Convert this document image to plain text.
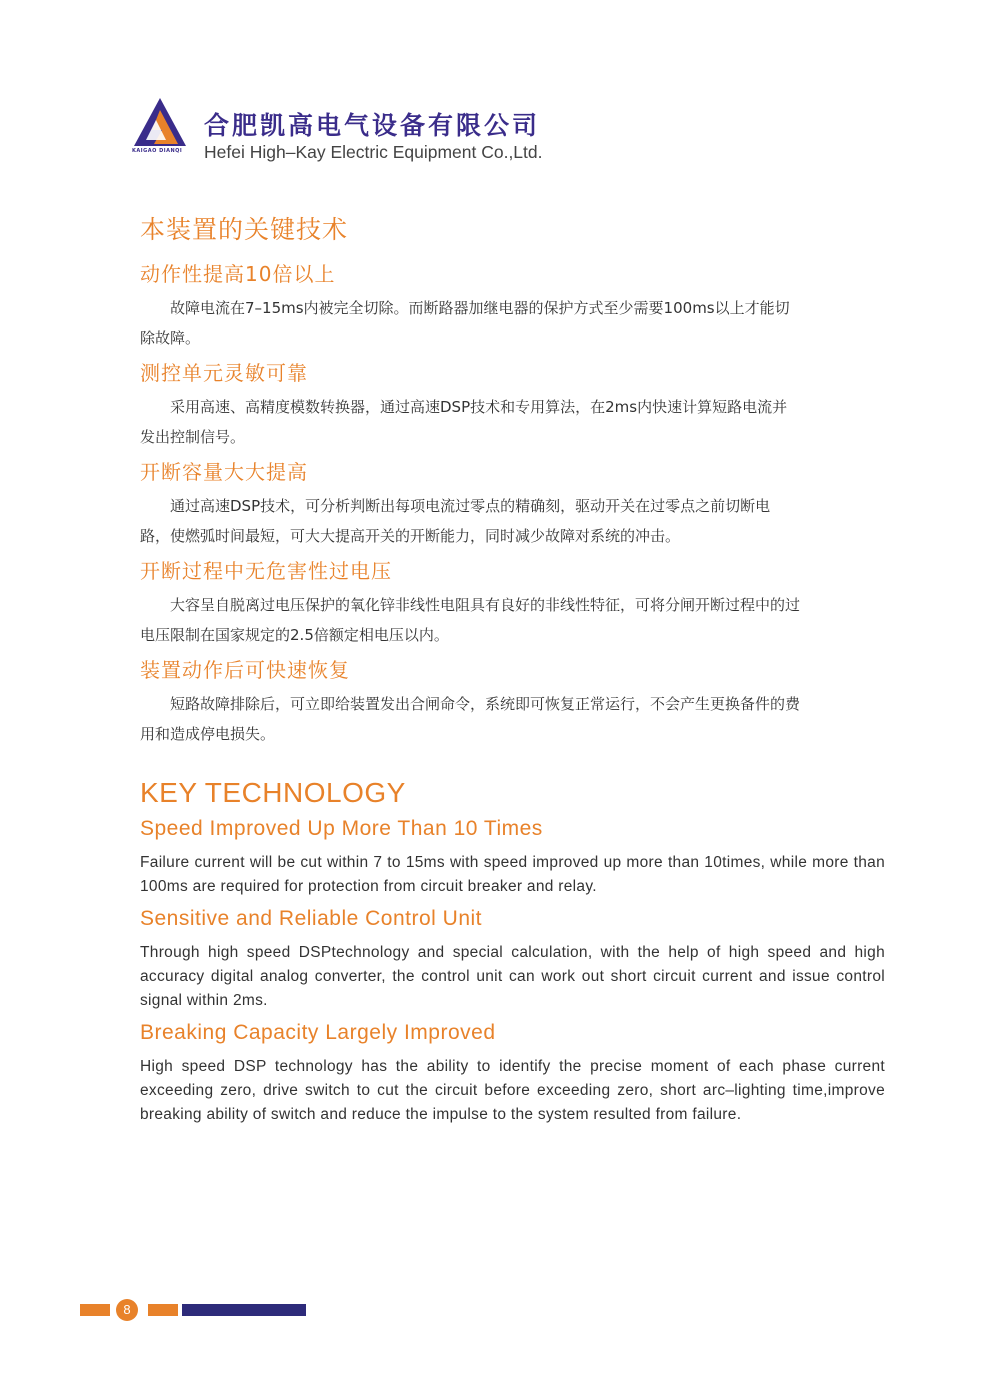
KAIGAO DIANQI
合肥凯高电气设备有限公司
Hefei High–Kay Electric Equipment Co.,Ltd.
本装置的关键技术
动作性提高10倍以上

故障电流在7–15ms内被完全切除。而断路器加继电器的保护方式至少需要100ms以上才能切除故障。

测控单元灵敏可靠

采用高速、高精度模数转换器，通过高速DSP技术和专用算法，在2ms内快速计算短路电流并发出控制信号。

开断容量大大提高

通过高速DSP技术，可分析判断出每项电流过零点的精确刻，驱动开关在过零点之前切断电路，使燃弧时间最短，可大大提高开关的开断能力，同时减少故障对系统的冲击。

开断过程中无危害性过电压

大容呈自脱离过电压保护的氧化锌非线性电阻具有良好的非线性特征，可将分闸开断过程中的过电压限制在国家规定的2.5倍额定相电压以内。

装置动作后可快速恢复

短路故障排除后，可立即给装置发出合闸命令，系统即可恢复正常运行，不会产生更换备件的费用和造成停电损失。

KEY TECHNOLOGY
Speed Improved Up More Than 10 Times

Failure current will be cut within 7 to 15ms with speed improved up more than 10times, while more than 100ms are required for protection from circuit breaker and relay.

Sensitive and Reliable Control Unit

Through high speed DSPtechnology and special calculation, with the help of high speed and high accuracy digital analog converter, the control unit can work out short circuit current and issue control signal within 2ms.

Breaking Capacity Largely Improved

High speed DSP technology has the ability to identify the precise moment of each phase current exceeding zero, drive switch to cut the circuit before exceeding zero, short arc–lighting time,improve breaking ability of switch and reduce the impulse to the system resulted from failure.

8
